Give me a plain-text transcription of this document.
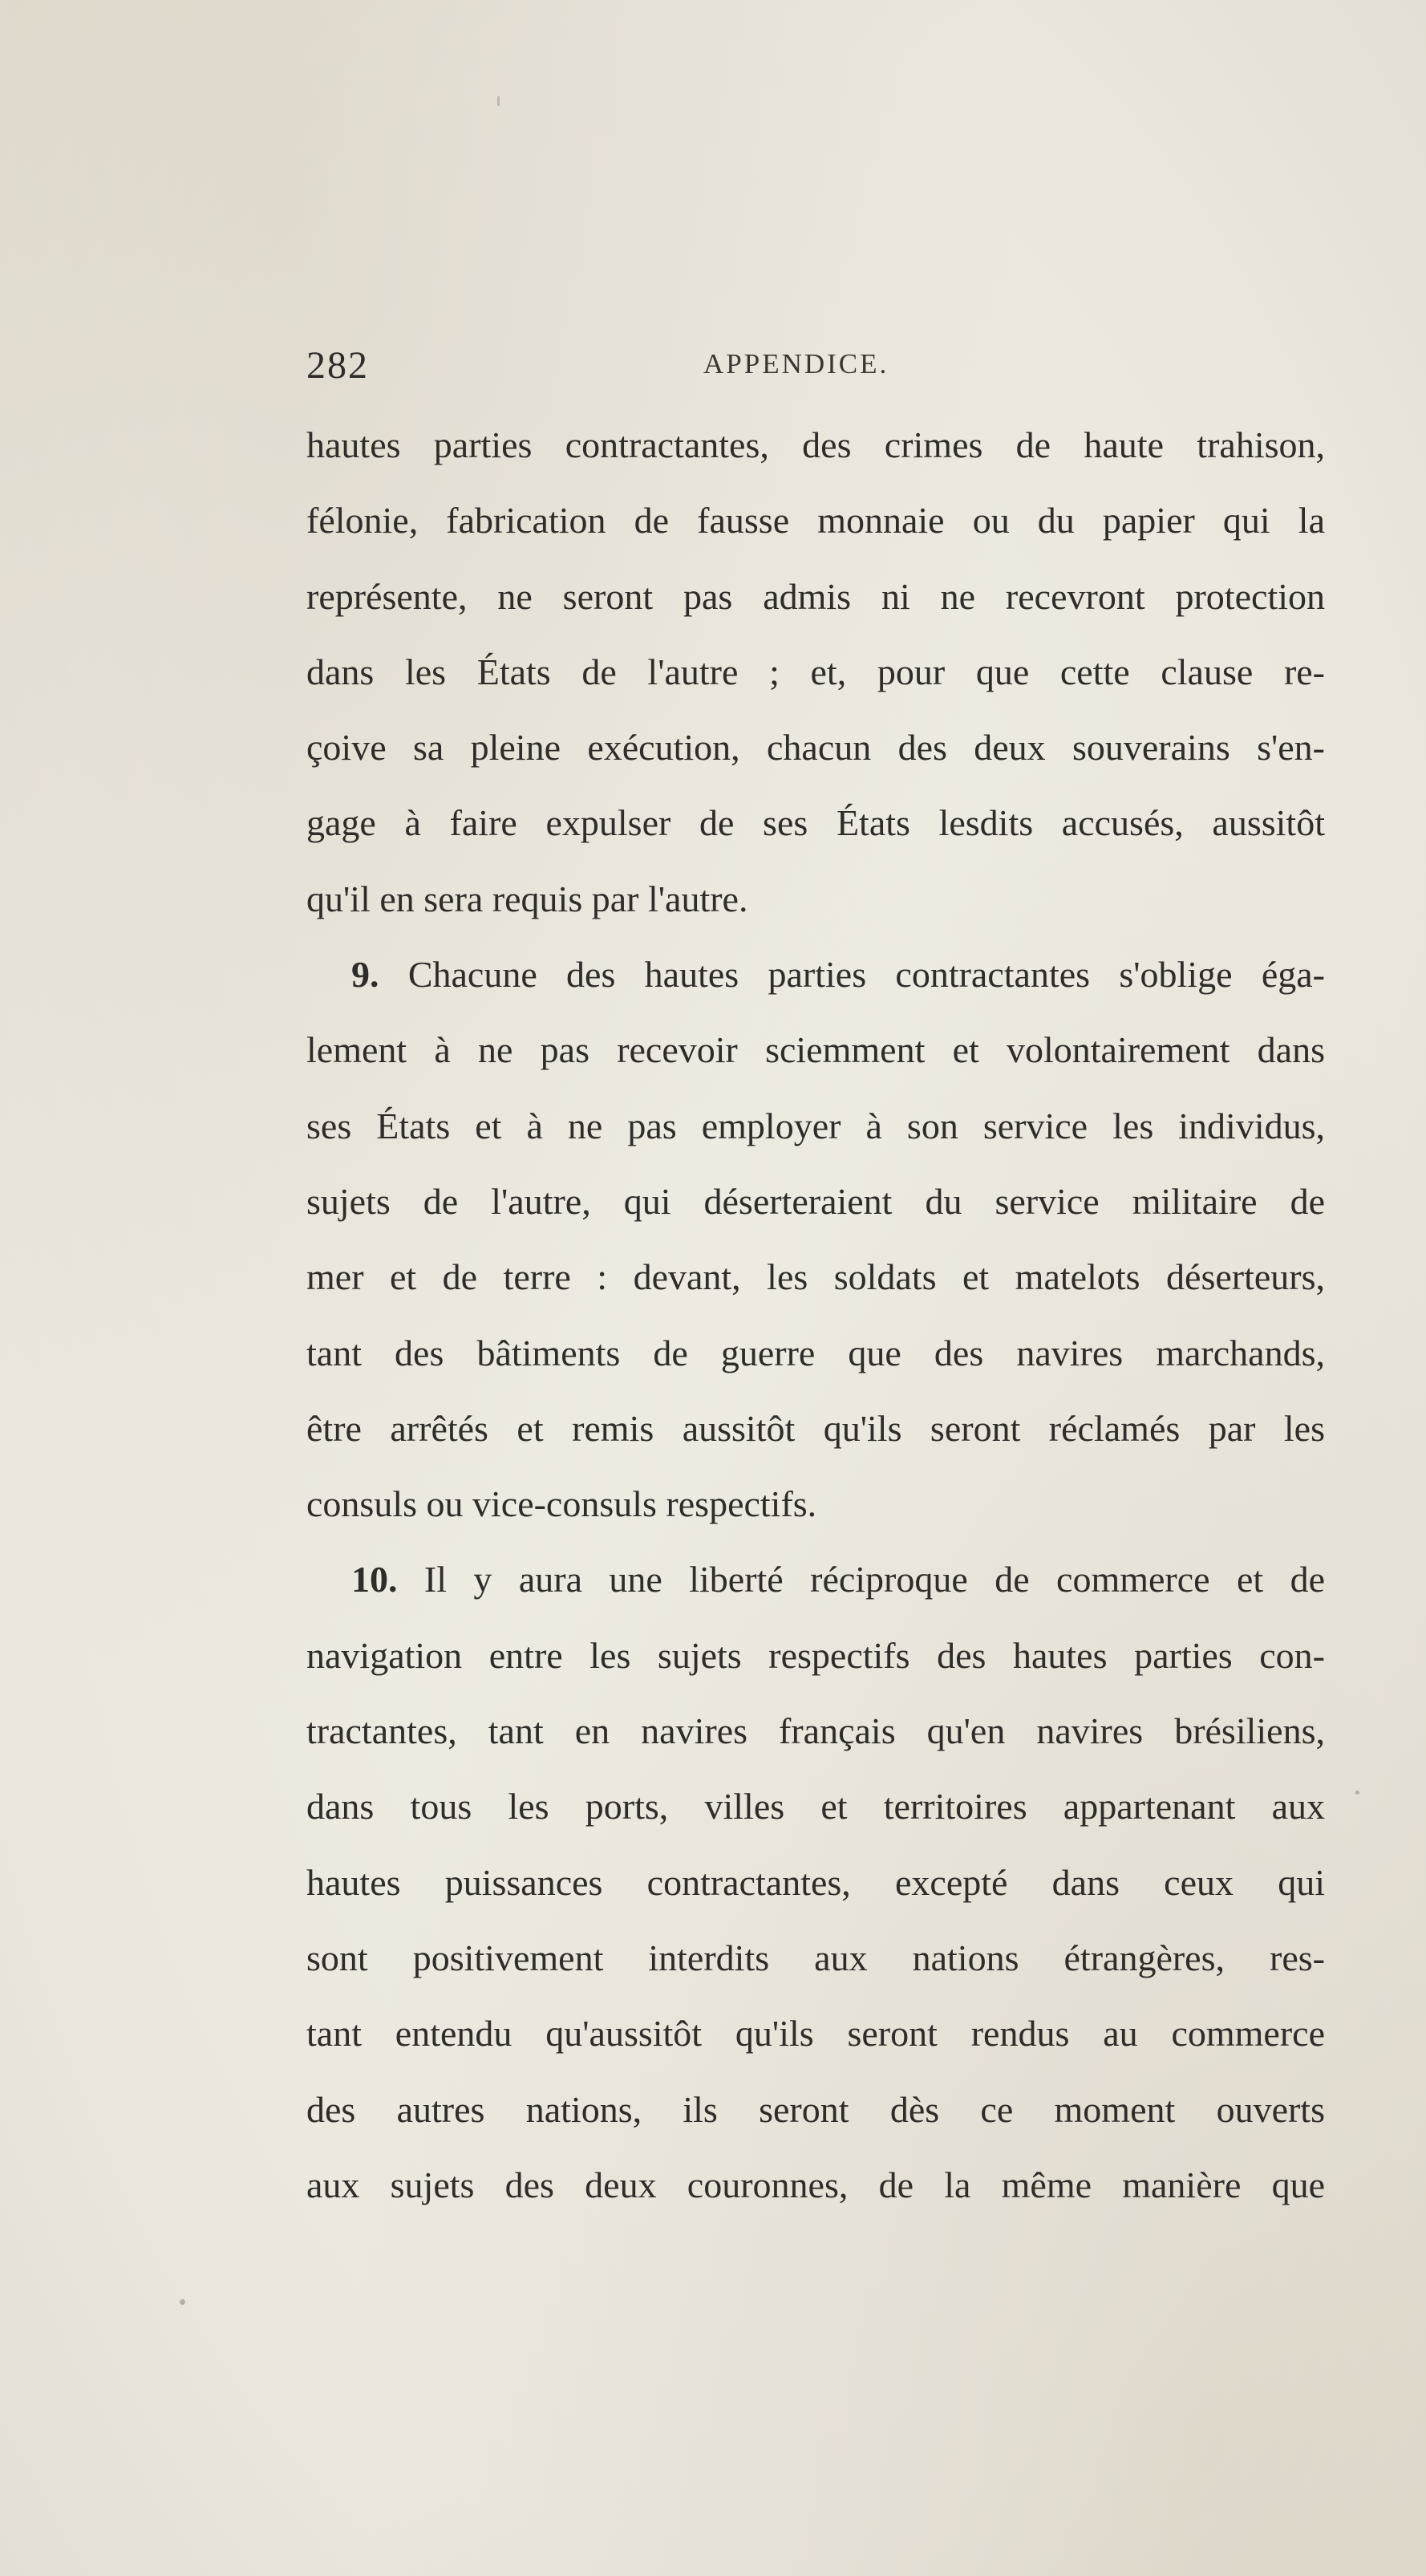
282	APPENDICE.
hautes parties contractantes, des crimes de haute trahison,
félonie, fabrication de fausse monnaie ou du papier qui la
représente, ne seront pas admis ni ne recevront protection
dans les États de l'autre ; et, pour que cette clause re-
çoive sa pleine exécution, chacun des deux souverains s'en-
gage à faire expulser de ses États lesdits accusés, aussitôt
qu'il en sera requis par l'autre.
9. Chacune des hautes parties contractantes s'oblige éga-
lement à ne pas recevoir sciemment et volontairement dans
ses États et à ne pas employer à son service les individus,
sujets de l'autre, qui déserteraient du service militaire de
mer et de terre : devant, les soldats et matelots déserteurs,
tant des bâtiments de guerre que des navires marchands,
être arrêtés et remis aussitôt qu'ils seront réclamés par les
consuls ou vice-consuls respectifs.
10. Il y aura une liberté réciproque de commerce et de
navigation entre les sujets respectifs des hautes parties con-
tractantes, tant en navires français qu'en navires brésiliens,
dans tous les ports, villes et territoires appartenant aux
hautes puissances contractantes, excepté dans ceux qui
sont positivement interdits aux nations étrangères, res-
tant entendu qu'aussitôt qu'ils seront rendus au commerce
des autres nations, ils seront dès ce moment ouverts
aux sujets des deux couronnes, de la même manière que
